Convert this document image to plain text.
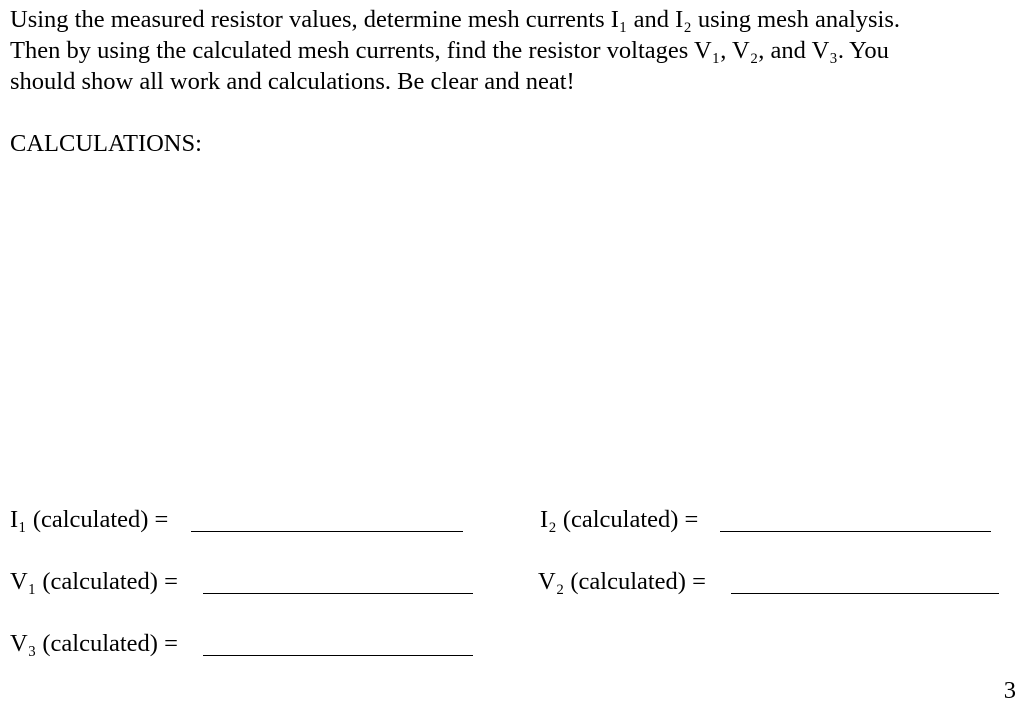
Using the measured resistor values, determine mesh currents I₁ and I₂ using mesh analysis.
Then by using the calculated mesh currents, find the resistor voltages V₁, V₂, and V₃. You
should show all work and calculations. Be clear and neat!
CALCULATIONS:
I₁ (calculated) =	I₂ (calculated) =
V₁ (calculated) =	V₂ (calculated) =
V₃ (calculated) =
3
